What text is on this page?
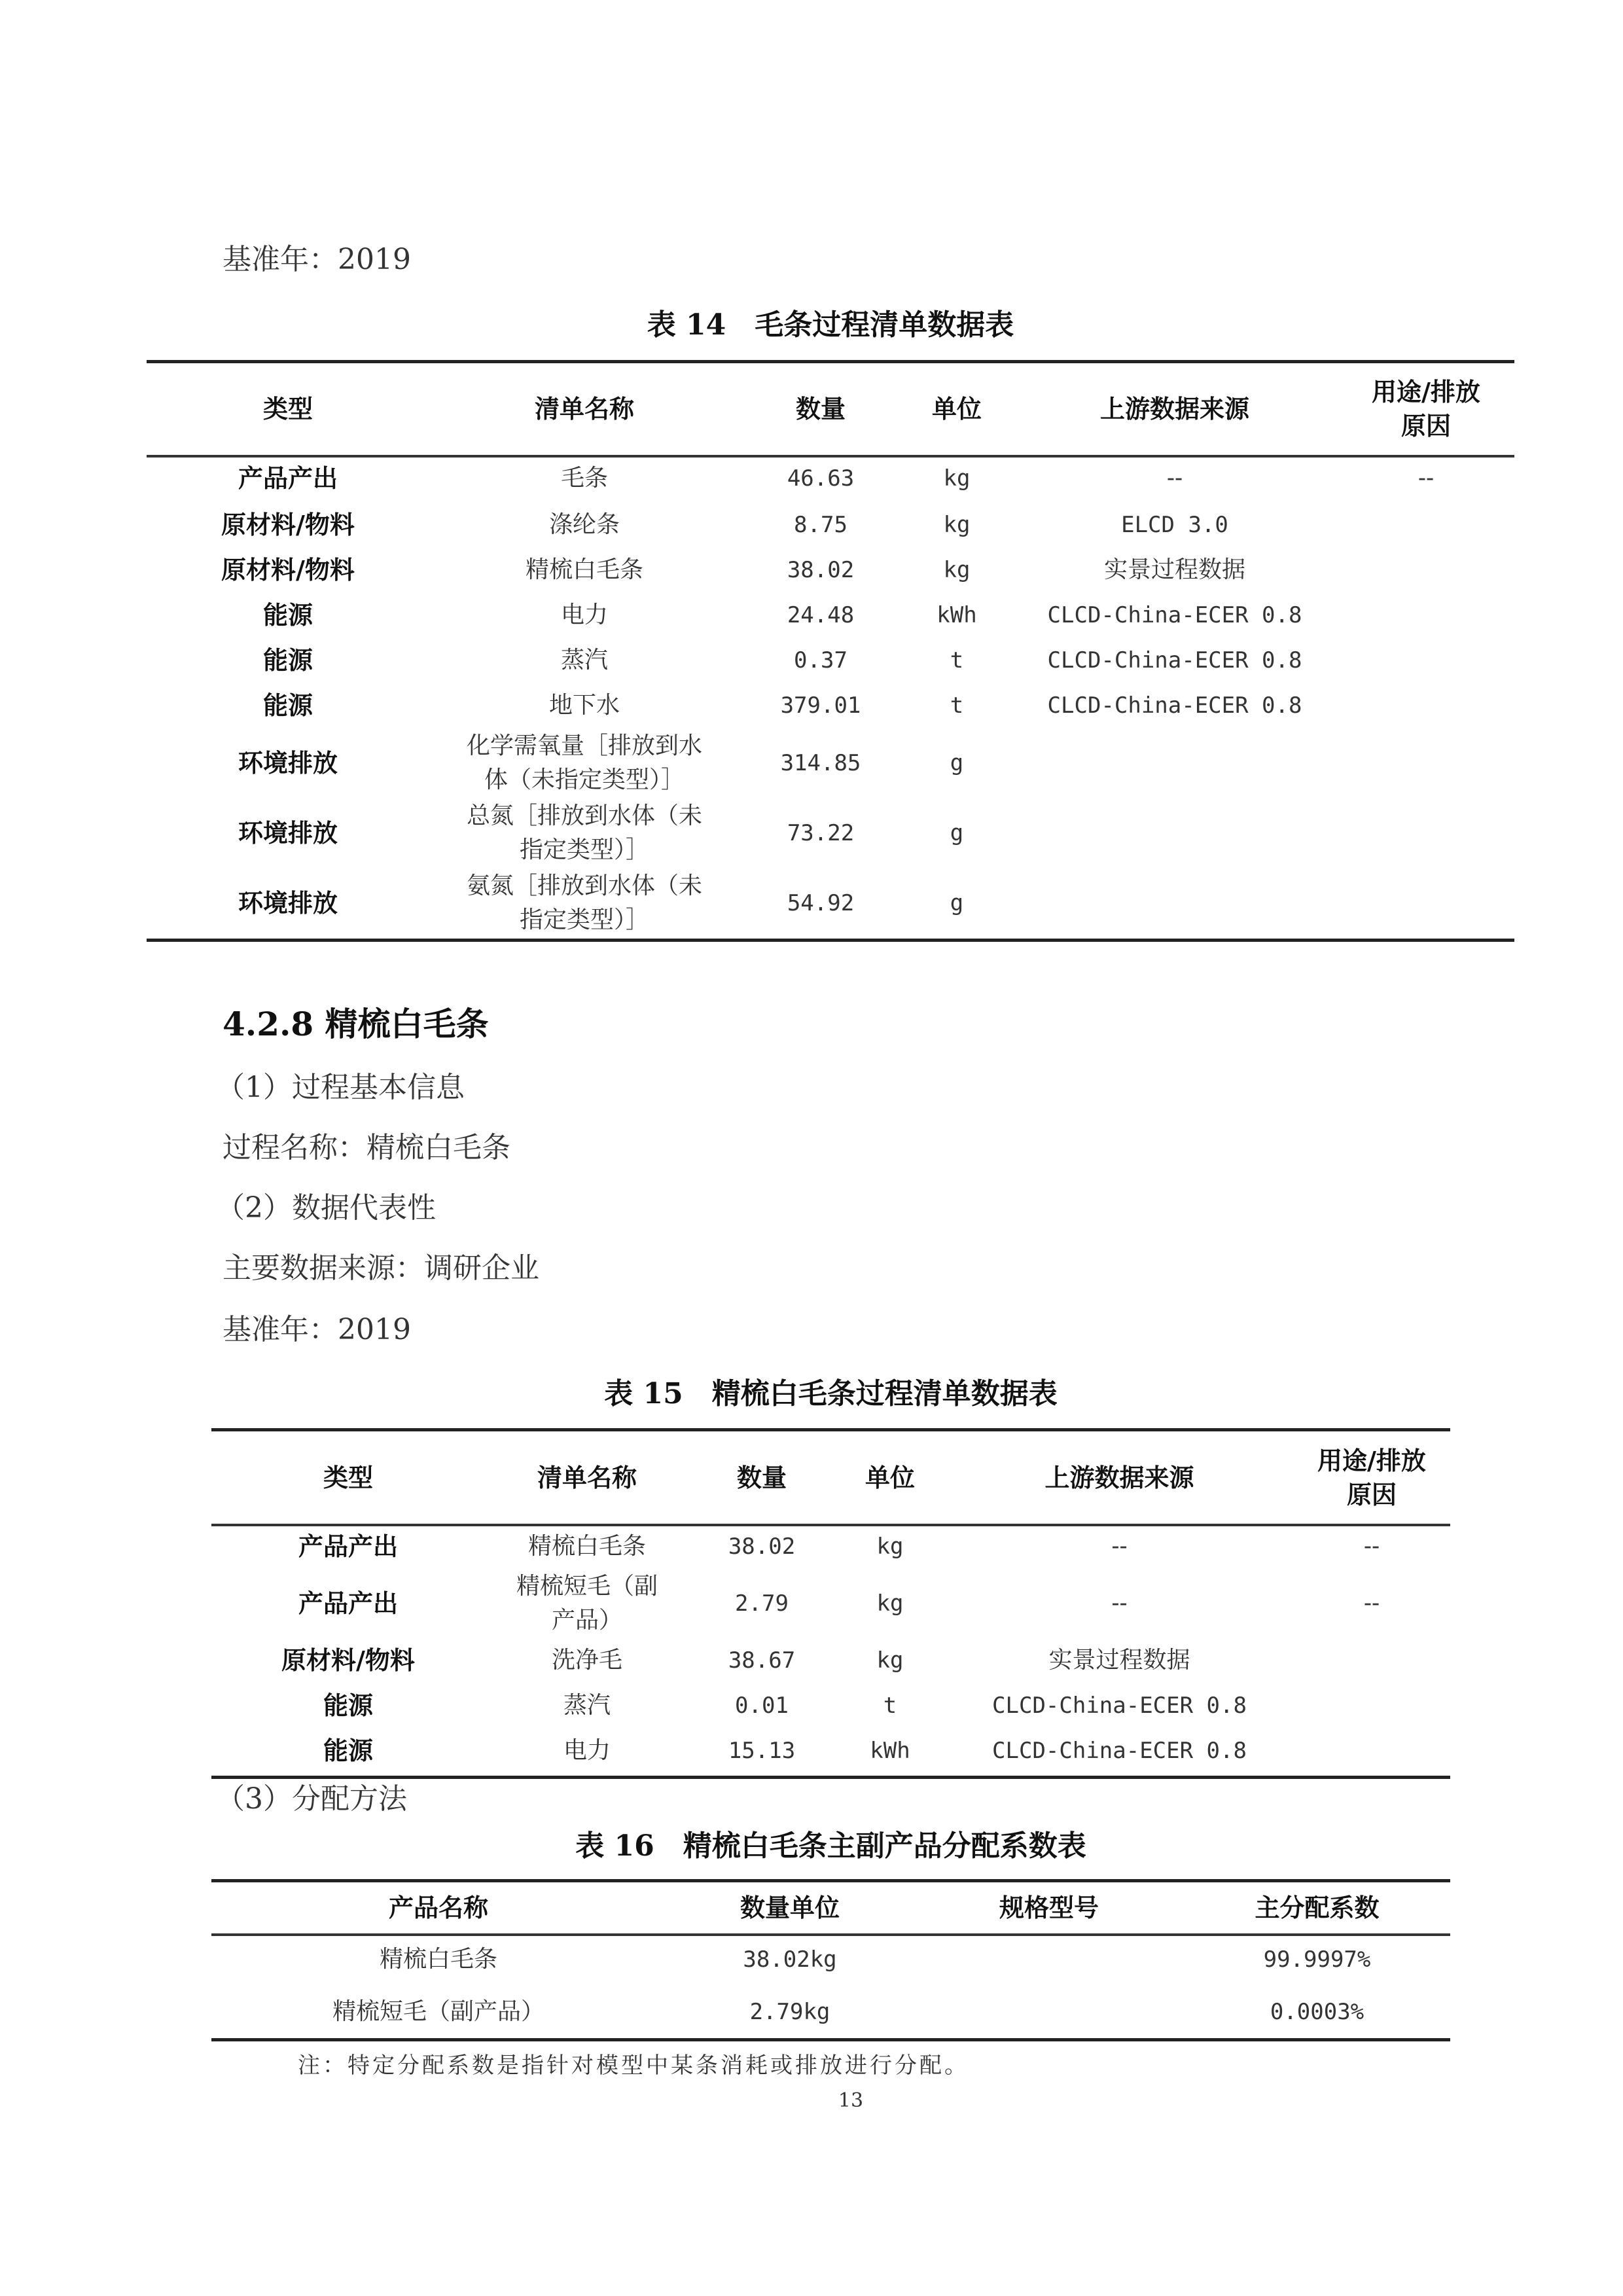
基准年：2019
表 14　毛条过程清单数据表
类型	清单名称	数量	单位	上游数据来源	用途/排放
原因
产品产出	毛条	46.63	kg	--	--
原材料/物料	涤纶条	8.75	kg	ELCD 3.0	
原材料/物料	精梳白毛条	38.02	kg	实景过程数据	
能源	电力	24.48	kWh	CLCD-China-ECER 0.8	
能源	蒸汽	0.37	t	CLCD-China-ECER 0.8	
能源	地下水	379.01	t	CLCD-China-ECER 0.8	
环境排放	化学需氧量［排放到水
体（未指定类型）］	314.85	g		
环境排放	总氮［排放到水体（未
指定类型）］	73.22	g		
环境排放	氨氮［排放到水体（未
指定类型）］	54.92	g		
4.2.8 精梳白毛条
（1）过程基本信息
过程名称：精梳白毛条
（2）数据代表性
主要数据来源：调研企业
基准年：2019
表 15　精梳白毛条过程清单数据表
类型	清单名称	数量	单位	上游数据来源	用途/排放
原因
产品产出	精梳白毛条	38.02	kg	--	--
产品产出	精梳短毛（副
产品）	2.79	kg	--	--
原材料/物料	洗净毛	38.67	kg	实景过程数据	
能源	蒸汽	0.01	t	CLCD-China-ECER 0.8	
能源	电力	15.13	kWh	CLCD-China-ECER 0.8	
（3）分配方法
表 16　精梳白毛条主副产品分配系数表
产品名称	数量单位	规格型号	主分配系数
精梳白毛条	38.02kg		99.9997%
精梳短毛（副产品）	2.79kg		0.0003%
注：特定分配系数是指针对模型中某条消耗或排放进行分配。
13
